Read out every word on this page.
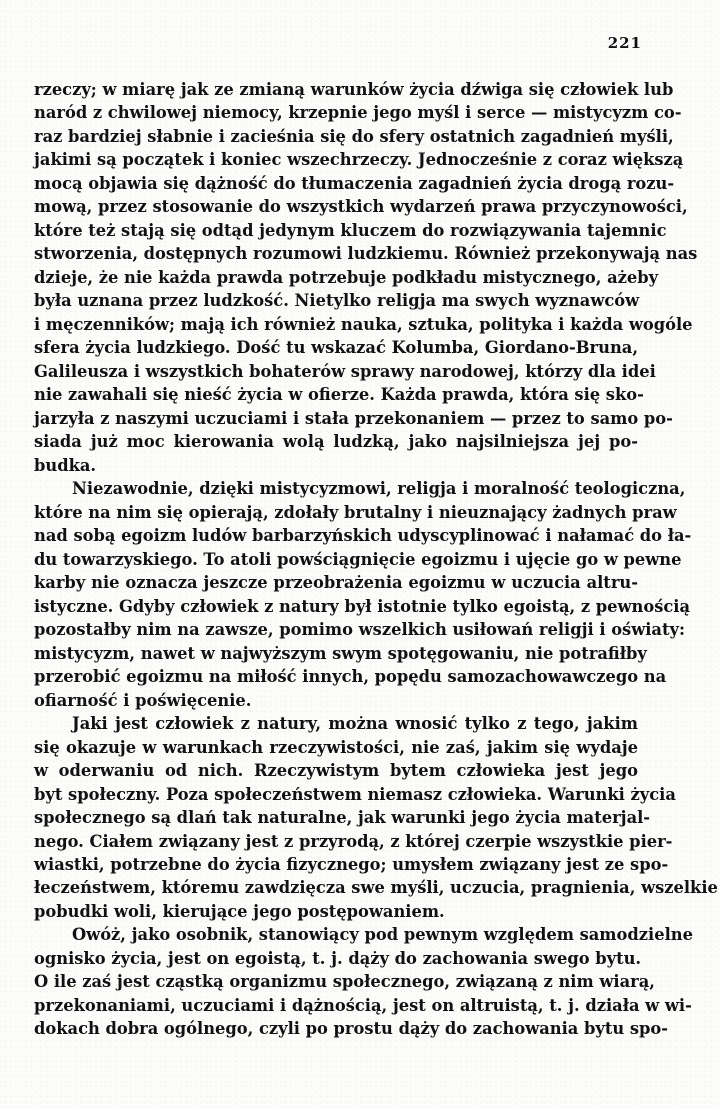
221
rzeczy; w miarę jak ze zmianą warunków życia dźwiga się człowiek lub
naród z chwilowej niemocy, krzepnie jego myśl i serce — mistycyzm co-
raz bardziej słabnie i zacieśnia się do sfery ostatnich zagadnień myśli,
jakimi są początek i koniec wszechrzeczy. Jednocześnie z coraz większą
mocą objawia się dążność do tłumaczenia zagadnień życia drogą rozu-
mową, przez stosowanie do wszystkich wydarzeń prawa przyczynowości,
które też stają się odtąd jedynym kluczem do rozwiązywania tajemnic
stworzenia, dostępnych rozumowi ludzkiemu. Również przekonywają nas
dzieje, że nie każda prawda potrzebuje podkładu mistycznego, ażeby
była uznana przez ludzkość. Nietylko religja ma swych wyznawców
i męczenników; mają ich również nauka, sztuka, polityka i każda wogóle
sfera życia ludzkiego. Dość tu wskazać Kolumba, Giordano-Bruna,
Galileusza i wszystkich bohaterów sprawy narodowej, którzy dla idei
nie zawahali się nieść życia w ofierze. Każda prawda, która się sko-
jarzyła z naszymi uczuciami i stała przekonaniem — przez to samo po-
siada już moc kierowania wolą ludzką, jako najsilniejsza jej po-
budka.
Niezawodnie, dzięki mistycyzmowi, religja i moralność teologiczna,
które na nim się opierają, zdołały brutalny i nieuznający żadnych praw
nad sobą egoizm ludów barbarzyńskich udyscyplinować i nałamać do ła-
du towarzyskiego. To atoli powściągnięcie egoizmu i ujęcie go w pewne
karby nie oznacza jeszcze przeobrażenia egoizmu w uczucia altru-
istyczne. Gdyby człowiek z natury był istotnie tylko egoistą, z pewnością
pozostałby nim na zawsze, pomimo wszelkich usiłowań religji i oświaty:
mistycyzm, nawet w najwyższym swym spotęgowaniu, nie potrafiłby
przerobić egoizmu na miłość innych, popędu samozachowawczego na
ofiarność i poświęcenie.
Jaki jest człowiek z natury, można wnosić tylko z tego, jakim
się okazuje w warunkach rzeczywistości, nie zaś, jakim się wydaje
w oderwaniu od nich. Rzeczywistym bytem człowieka jest jego
byt społeczny. Poza społeczeństwem niemasz człowieka. Warunki życia
społecznego są dlań tak naturalne, jak warunki jego życia materjal-
nego. Ciałem związany jest z przyrodą, z której czerpie wszystkie pier-
wiastki, potrzebne do życia fizycznego; umysłem związany jest ze spo-
łeczeństwem, któremu zawdzięcza swe myśli, uczucia, pragnienia, wszelkie
pobudki woli, kierujące jego postępowaniem.
Owóż, jako osobnik, stanowiący pod pewnym względem samodzielne
ognisko życia, jest on egoistą, t. j. dąży do zachowania swego bytu.
O ile zaś jest cząstką organizmu społecznego, związaną z nim wiarą,
przekonaniami, uczuciami i dążnością, jest on altruistą, t. j. działa w wi-
dokach dobra ogólnego, czyli po prostu dąży do zachowania bytu spo-
